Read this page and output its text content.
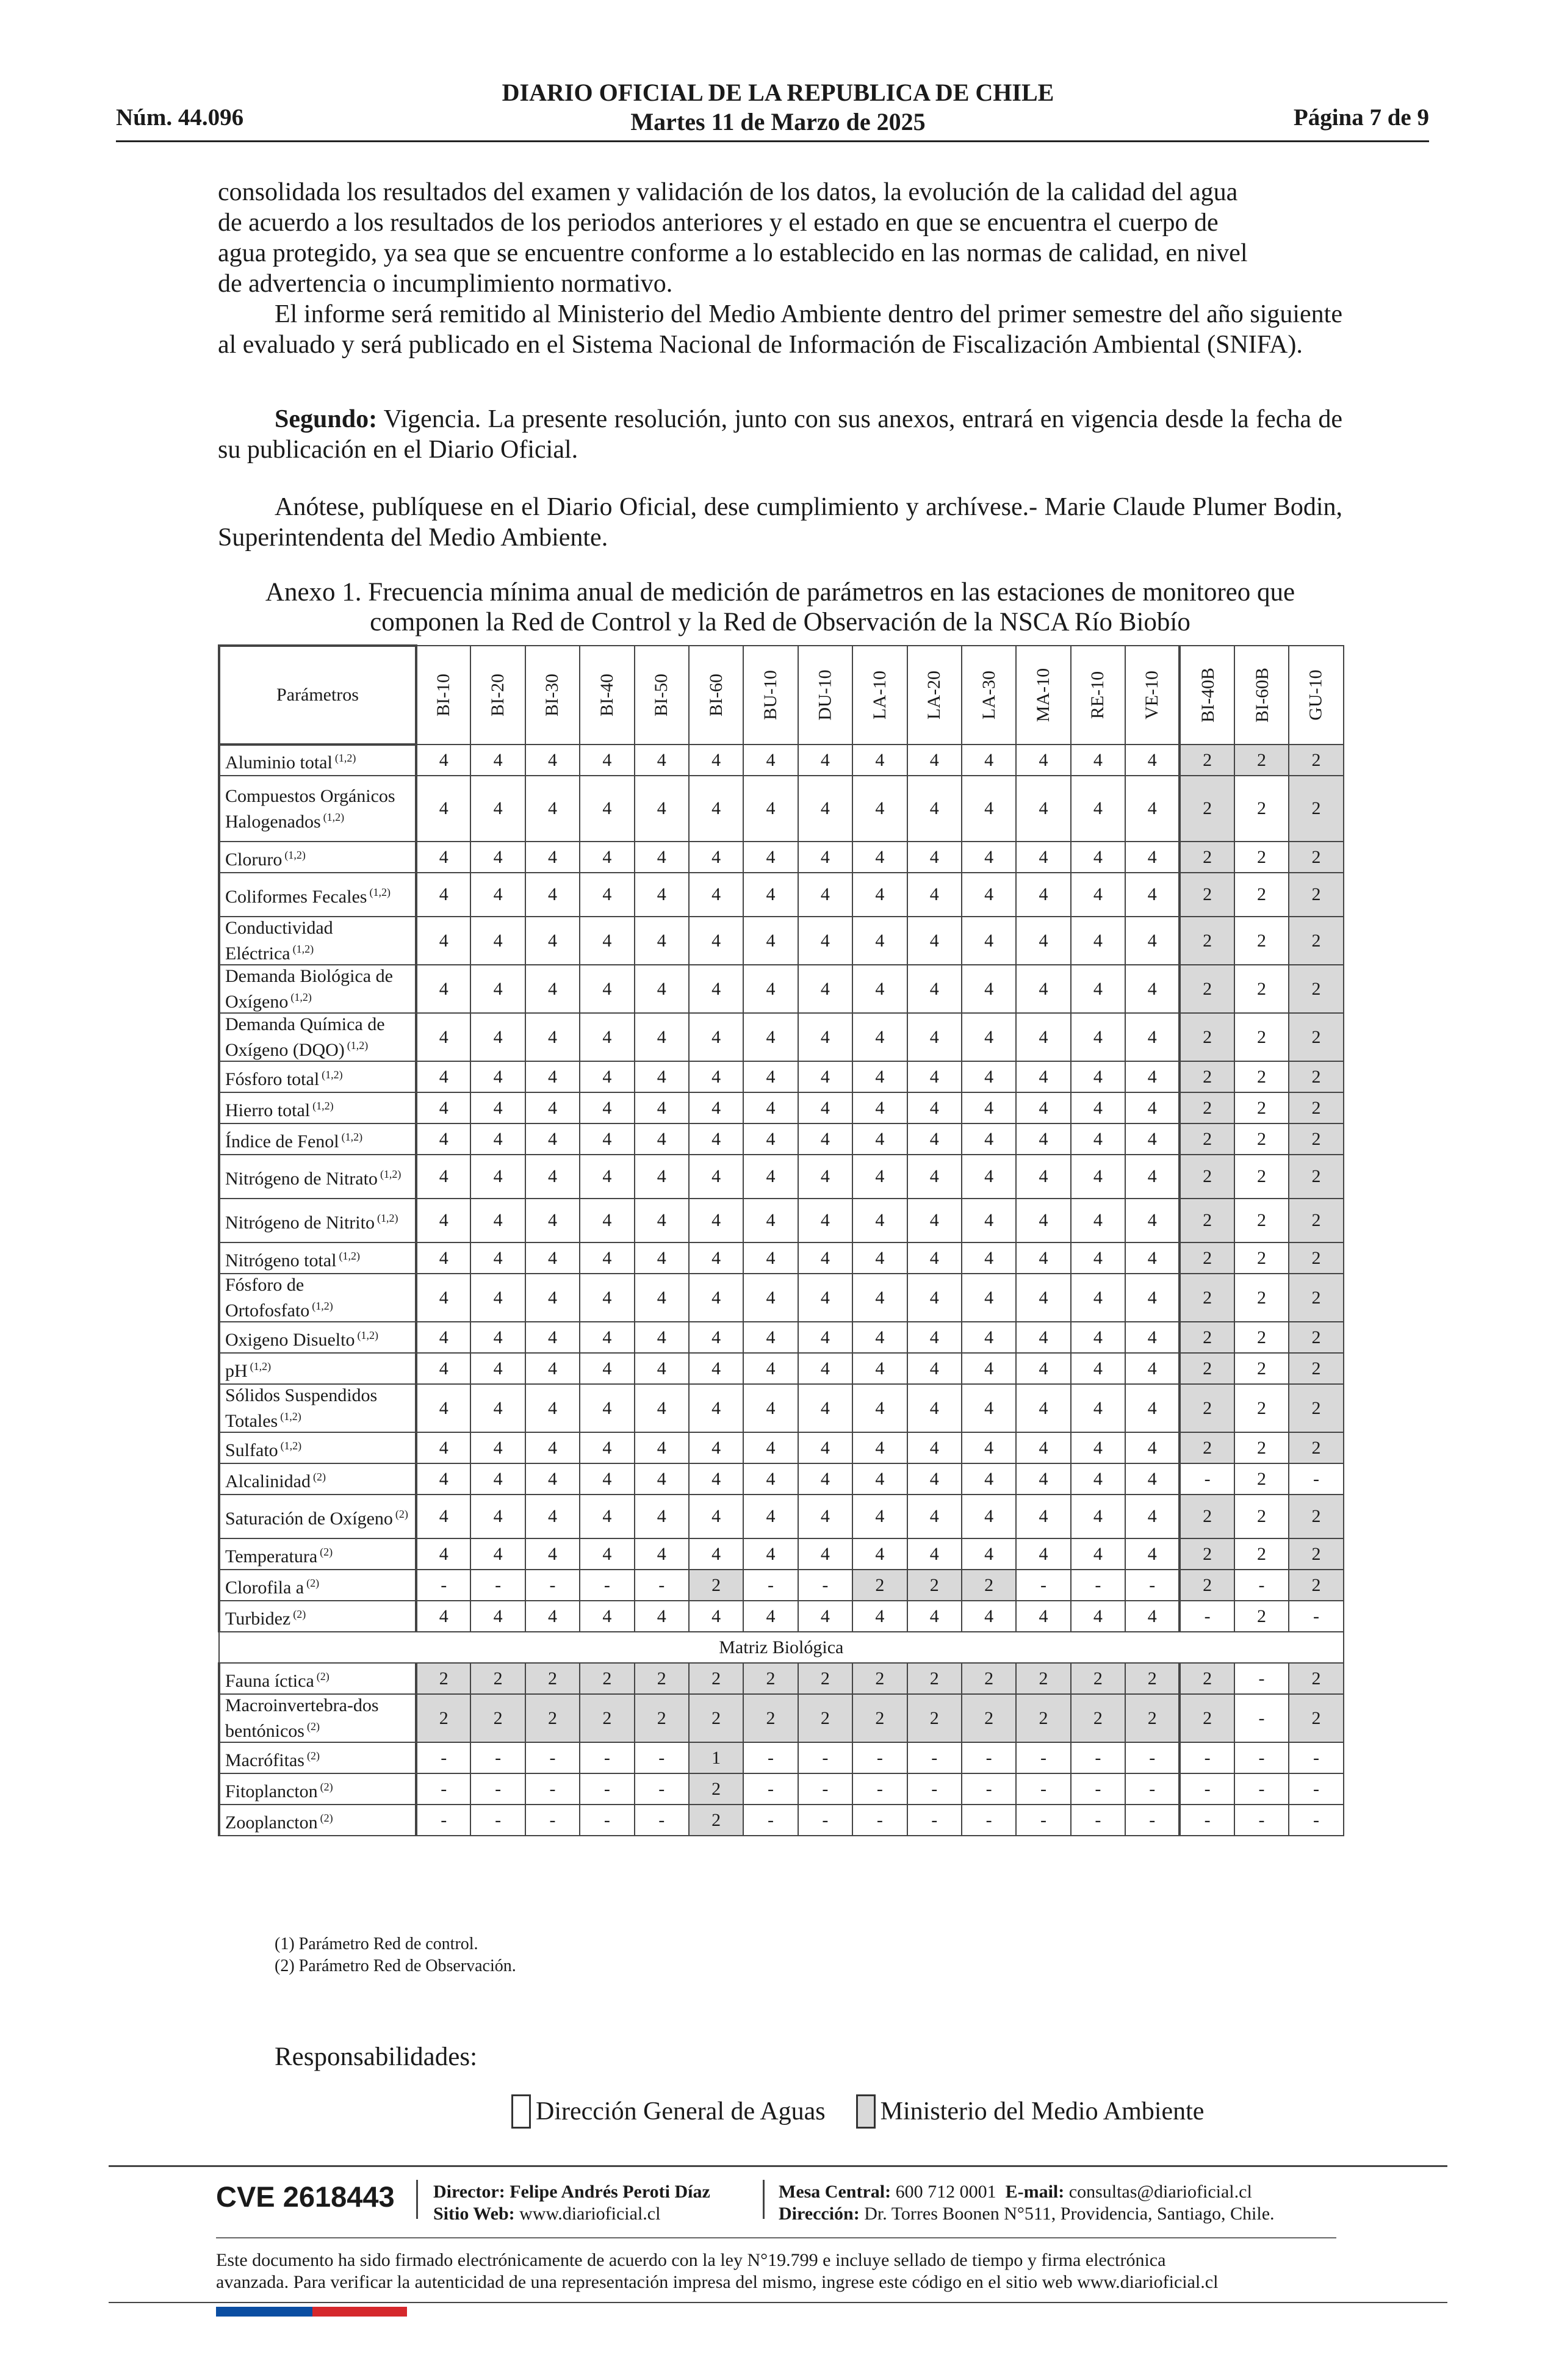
Núm. 44.096
DIARIO OFICIAL DE LA REPUBLICA DE CHILE
Martes 11 de Marzo de 2025	Página 7 de 9
consolidada los resultados del examen y validación de los datos, la evolución de la calidad del agua
de acuerdo a los resultados de los periodos anteriores y el estado en que se encuentra el cuerpo de
agua protegido, ya sea que se encuentre conforme a lo establecido en las normas de calidad, en nivel
de advertencia o incumplimiento normativo.
El informe será remitido al Ministerio del Medio Ambiente dentro del primer semestre del año siguiente al evaluado y será publicado en el Sistema Nacional de Información de Fiscalización Ambiental (SNIFA).
Segundo: Vigencia. La presente resolución, junto con sus anexos, entrará en vigencia desde la fecha de su publicación en el Diario Oficial.
Anótese, publíquese en el Diario Oficial, dese cumplimiento y archívese.- Marie Claude Plumer Bodin, Superintendenta del Medio Ambiente.
Anexo 1. Frecuencia mínima anual de medición de parámetros en las estaciones de monitoreo que
componen la Red de Control y la Red de Observación de la NSCA Río Biobío
Parámetros	BI-10	BI-20	BI-30	BI-40	BI-50	BI-60	BU-10	DU-10	LA-10	LA-20	LA-30	MA-10	RE-10	VE-10	BI-40B	BI-60B	GU-10
Aluminio total $^{(1,2)}$	4	4	4	4	4	4	4	4	4	4	4	4	4	4	2	2	2
Compuestos Orgánicos Halogenados $^{(1,2)}$	4	4	4	4	4	4	4	4	4	4	4	4	4	4	2	2	2
Cloruro $^{(1,2)}$	4	4	4	4	4	4	4	4	4	4	4	4	4	4	2	2	2
Coliformes Fecales $^{(1,2)}$	4	4	4	4	4	4	4	4	4	4	4	4	4	4	2	2	2
Conductividad Eléctrica $^{(1,2)}$	4	4	4	4	4	4	4	4	4	4	4	4	4	4	2	2	2
Demanda Biológica de Oxígeno $^{(1,2)}$	4	4	4	4	4	4	4	4	4	4	4	4	4	4	2	2	2
Demanda Química de Oxígeno (DQO) $^{(1,2)}$	4	4	4	4	4	4	4	4	4	4	4	4	4	4	2	2	2
Fósforo total $^{(1,2)}$	4	4	4	4	4	4	4	4	4	4	4	4	4	4	2	2	2
Hierro total $^{(1,2)}$	4	4	4	4	4	4	4	4	4	4	4	4	4	4	2	2	2
Índice de Fenol $^{(1,2)}$	4	4	4	4	4	4	4	4	4	4	4	4	4	4	2	2	2
Nitrógeno de Nitrato $^{(1,2)}$	4	4	4	4	4	4	4	4	4	4	4	4	4	4	2	2	2
Nitrógeno de Nitrito $^{(1,2)}$	4	4	4	4	4	4	4	4	4	4	4	4	4	4	2	2	2
Nitrógeno total $^{(1,2)}$	4	4	4	4	4	4	4	4	4	4	4	4	4	4	2	2	2
Fósforo de Ortofosfato $^{(1,2)}$	4	4	4	4	4	4	4	4	4	4	4	4	4	4	2	2	2
Oxigeno Disuelto $^{(1,2)}$	4	4	4	4	4	4	4	4	4	4	4	4	4	4	2	2	2
pH $^{(1,2)}$	4	4	4	4	4	4	4	4	4	4	4	4	4	4	2	2	2
Sólidos Suspendidos Totales $^{(1,2)}$	4	4	4	4	4	4	4	4	4	4	4	4	4	4	2	2	2
Sulfato $^{(1,2)}$	4	4	4	4	4	4	4	4	4	4	4	4	4	4	2	2	2
Alcalinidad $^{(2)}$	4	4	4	4	4	4	4	4	4	4	4	4	4	4	-	2	-
Saturación de Oxígeno $^{(2)}$	4	4	4	4	4	4	4	4	4	4	4	4	4	4	2	2	2
Temperatura $^{(2)}$	4	4	4	4	4	4	4	4	4	4	4	4	4	4	2	2	2
Clorofila a $^{(2)}$	-	-	-	-	-	2	-	-	2	2	2	-	-	-	2	-	2
Turbidez $^{(2)}$	4	4	4	4	4	4	4	4	4	4	4	4	4	4	-	2	-
Matriz Biológica																	
Fauna íctica $^{(2)}$	2	2	2	2	2	2	2	2	2	2	2	2	2	2	2	-	2
Macroinvertebra-dos bentónicos $^{(2)}$	2	2	2	2	2	2	2	2	2	2	2	2	2	2	2	-	2
Macrófitas $^{(2)}$	-	-	-	-	-	1	-	-	-	-	-	-	-	-	-	-	-
Fitoplancton $^{(2)}$	-	-	-	-	-	2	-	-	-	-	-	-	-	-	-	-	-
Zooplancton $^{(2)}$	-	-	-	-	-	2	-	-	-	-	-	-	-	-	-	-	-
(1) Parámetro Red de control.
(2) Parámetro Red de Observación.
Responsabilidades:
Dirección General de Aguas Ministerio del Medio Ambiente
CVE 2618443 Director: Felipe Andrés Peroti Díaz
Sitio Web: www.diarioficial.cl
Mesa Central: 600 712 0001 E-mail: consultas@diarioficial.cl
Dirección: Dr. Torres Boonen N°511, Providencia, Santiago, Chile.
Este documento ha sido firmado electrónicamente de acuerdo con la ley N°19.799 e incluye sellado de tiempo y firma electrónica
avanzada. Para verificar la autenticidad de una representación impresa del mismo, ingrese este código en el sitio web www.diarioficial.cl
